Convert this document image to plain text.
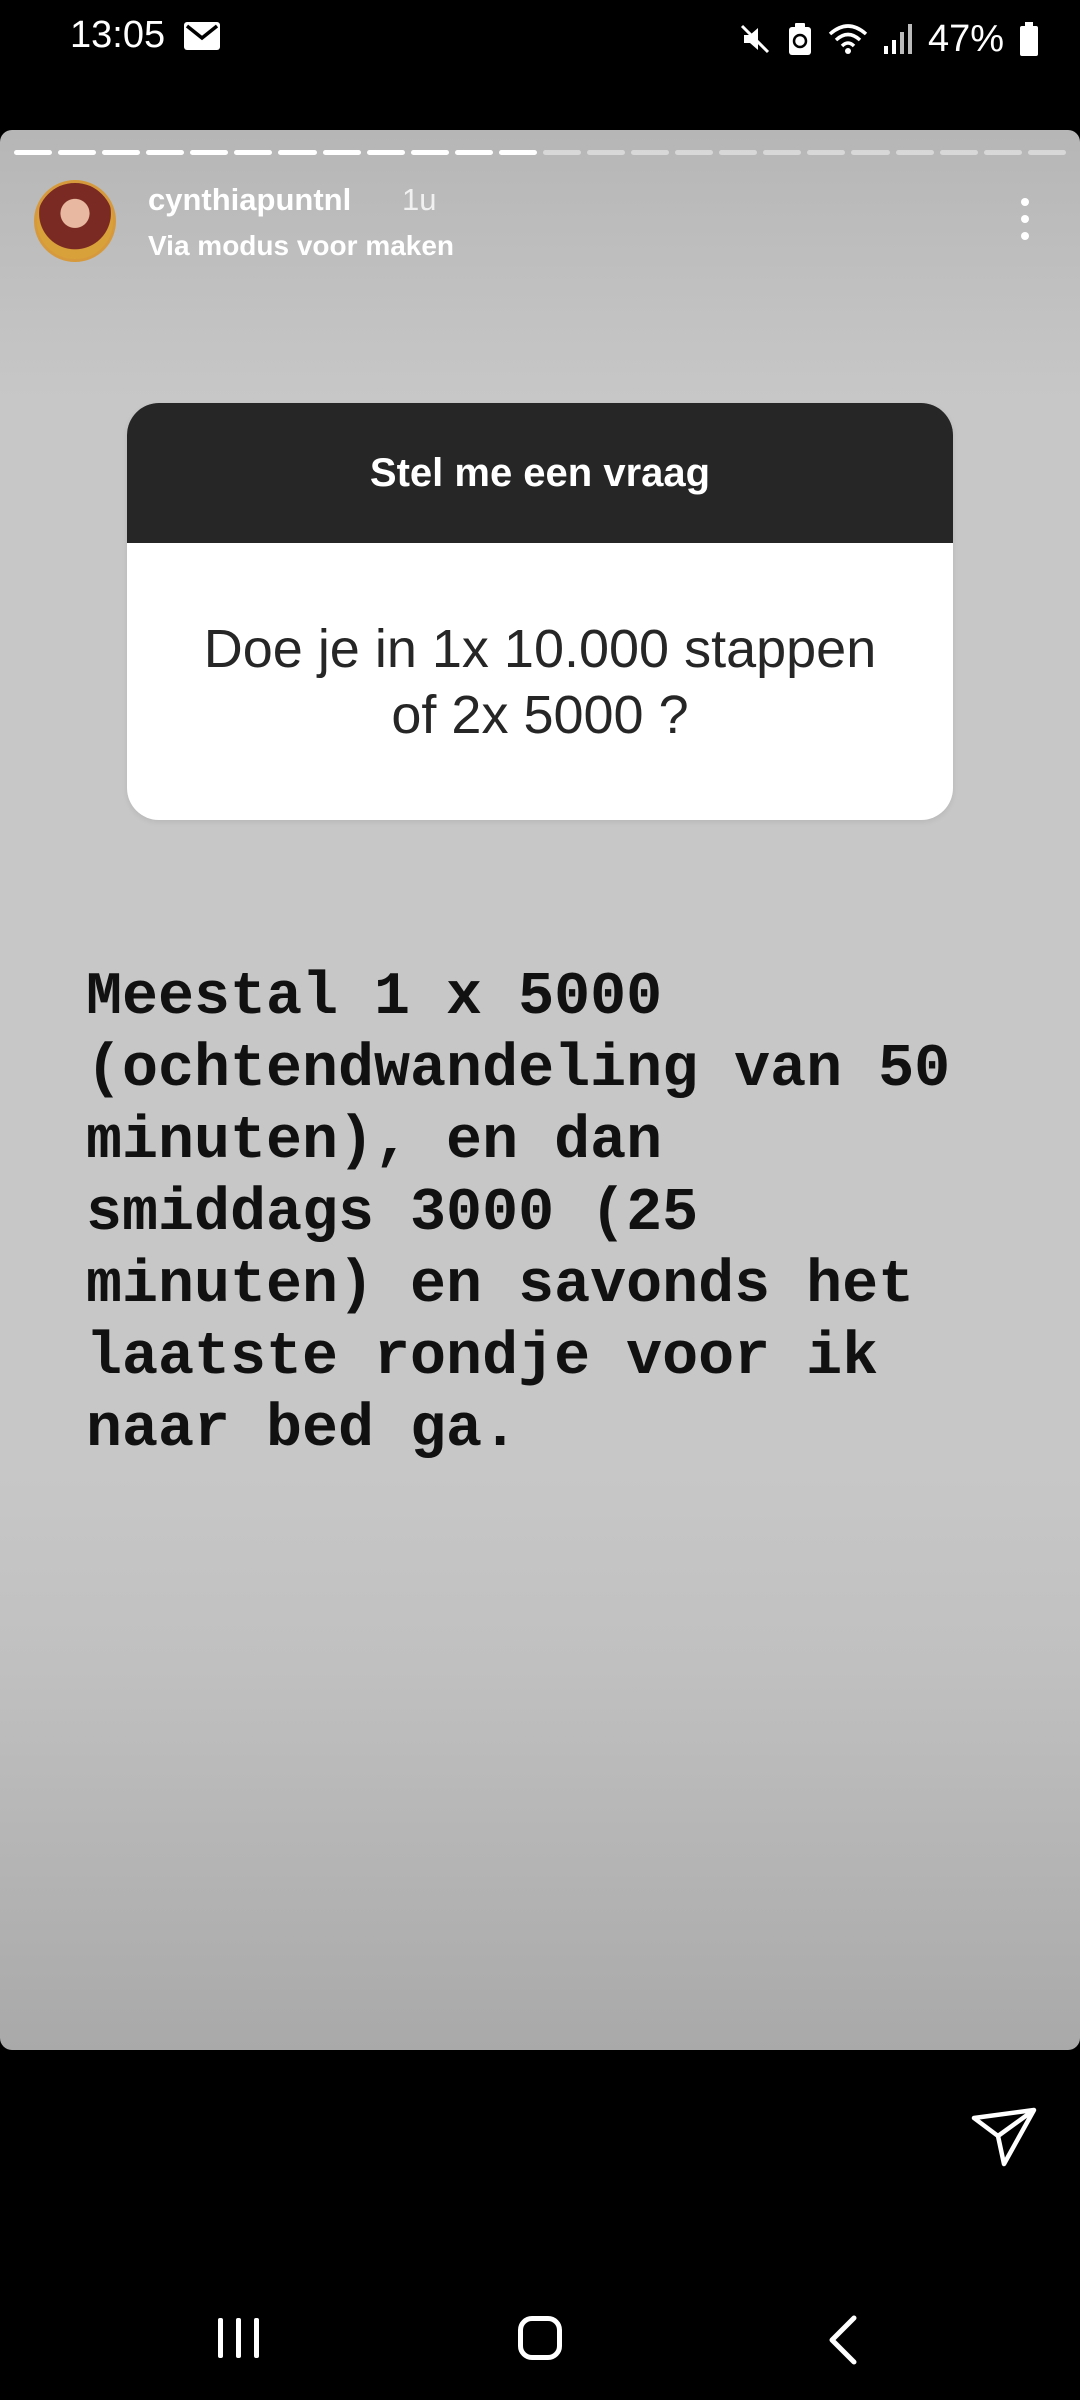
13:05	47%
cynthiapuntnl 1u
Via modus voor maken
Stel me een vraag
Doe je in 1x 10.000 stappen
of 2x 5000 ?
Meestal 1 x 5000
(ochtendwandeling van 50
minuten), en dan
smiddags 3000 (25
minuten) en savonds het
laatste rondje voor ik
naar bed ga.
